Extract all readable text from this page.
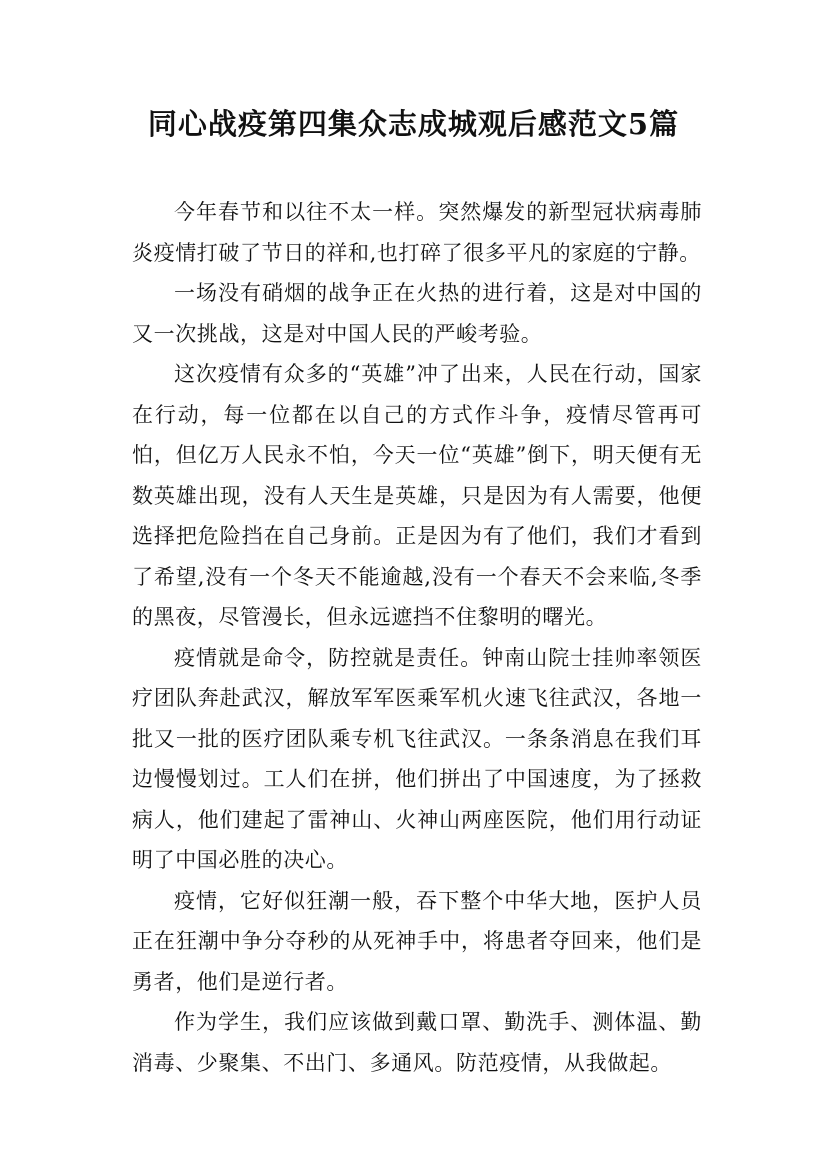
同心战疫第四集众志成城观后感范文5篇

今年春节和以往不太一样。突然爆发的新型冠状病毒肺炎疫情打破了节日的祥和,也打碎了很多平凡的家庭的宁静。

一场没有硝烟的战争正在火热的进行着，这是对中国的又一次挑战，这是对中国人民的严峻考验。

这次疫情有众多的“英雄”冲了出来，人民在行动，国家在行动，每一位都在以自己的方式作斗争，疫情尽管再可怕，但亿万人民永不怕，今天一位“英雄”倒下，明天便有无数英雄出现，没有人天生是英雄，只是因为有人需要，他便选择把危险挡在自己身前。正是因为有了他们，我们才看到了希望,没有一个冬天不能逾越,没有一个春天不会来临,冬季的黑夜，尽管漫长，但永远遮挡不住黎明的曙光。

疫情就是命令，防控就是责任。钟南山院士挂帅率领医疗团队奔赴武汉，解放军军医乘军机火速飞往武汉，各地一批又一批的医疗团队乘专机飞往武汉。一条条消息在我们耳边慢慢划过。工人们在拼，他们拼出了中国速度，为了拯救病人，他们建起了雷神山、火神山两座医院，他们用行动证明了中国必胜的决心。

疫情，它好似狂潮一般，吞下整个中华大地，医护人员正在狂潮中争分夺秒的从死神手中，将患者夺回来，他们是勇者，他们是逆行者。

作为学生，我们应该做到戴口罩、勤洗手、测体温、勤消毒、少聚集、不出门、多通风。防范疫情，从我做起。
